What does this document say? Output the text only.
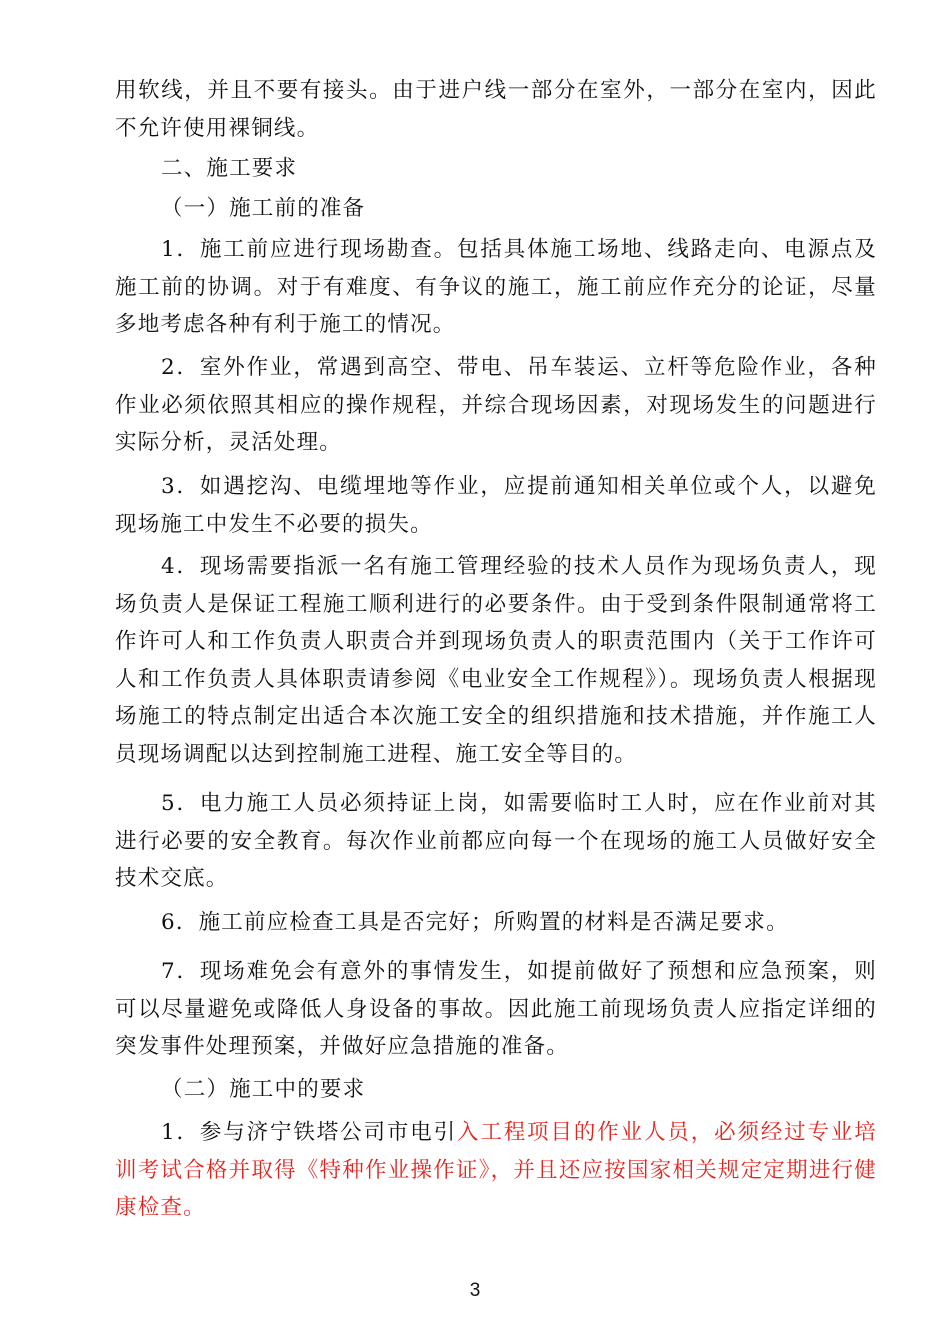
用软线，并且不要有接头。由于进户线一部分在室外，一部分在室内，因此不允许使用裸铜线。

二、施工要求

（一）施工前的准备

1．施工前应进行现场勘查。包括具体施工场地、线路走向、电源点及施工前的协调。对于有难度、有争议的施工，施工前应作充分的论证，尽量多地考虑各种有利于施工的情况。

2．室外作业，常遇到高空、带电、吊车装运、立杆等危险作业，各种作业必须依照其相应的操作规程，并综合现场因素，对现场发生的问题进行实际分析，灵活处理。

3．如遇挖沟、电缆埋地等作业，应提前通知相关单位或个人，以避免现场施工中发生不必要的损失。

4．现场需要指派一名有施工管理经验的技术人员作为现场负责人，现场负责人是保证工程施工顺利进行的必要条件。由于受到条件限制通常将工作许可人和工作负责人职责合并到现场负责人的职责范围内（关于工作许可人和工作负责人具体职责请参阅《电业安全工作规程》）。现场负责人根据现场施工的特点制定出适合本次施工安全的组织措施和技术措施，并作施工人员现场调配以达到控制施工进程、施工安全等目的。

5．电力施工人员必须持证上岗，如需要临时工人时，应在作业前对其进行必要的安全教育。每次作业前都应向每一个在现场的施工人员做好安全技术交底。

6．施工前应检查工具是否完好；所购置的材料是否满足要求。

7．现场难免会有意外的事情发生，如提前做好了预想和应急预案，则可以尽量避免或降低人身设备的事故。因此施工前现场负责人应指定详细的突发事件处理预案，并做好应急措施的准备。

（二）施工中的要求

1．参与济宁铁塔公司市电引入工程项目的作业人员，必须经过专业培训考试合格并取得《特种作业操作证》，并且还应按国家相关规定定期进行健康检查。

3
